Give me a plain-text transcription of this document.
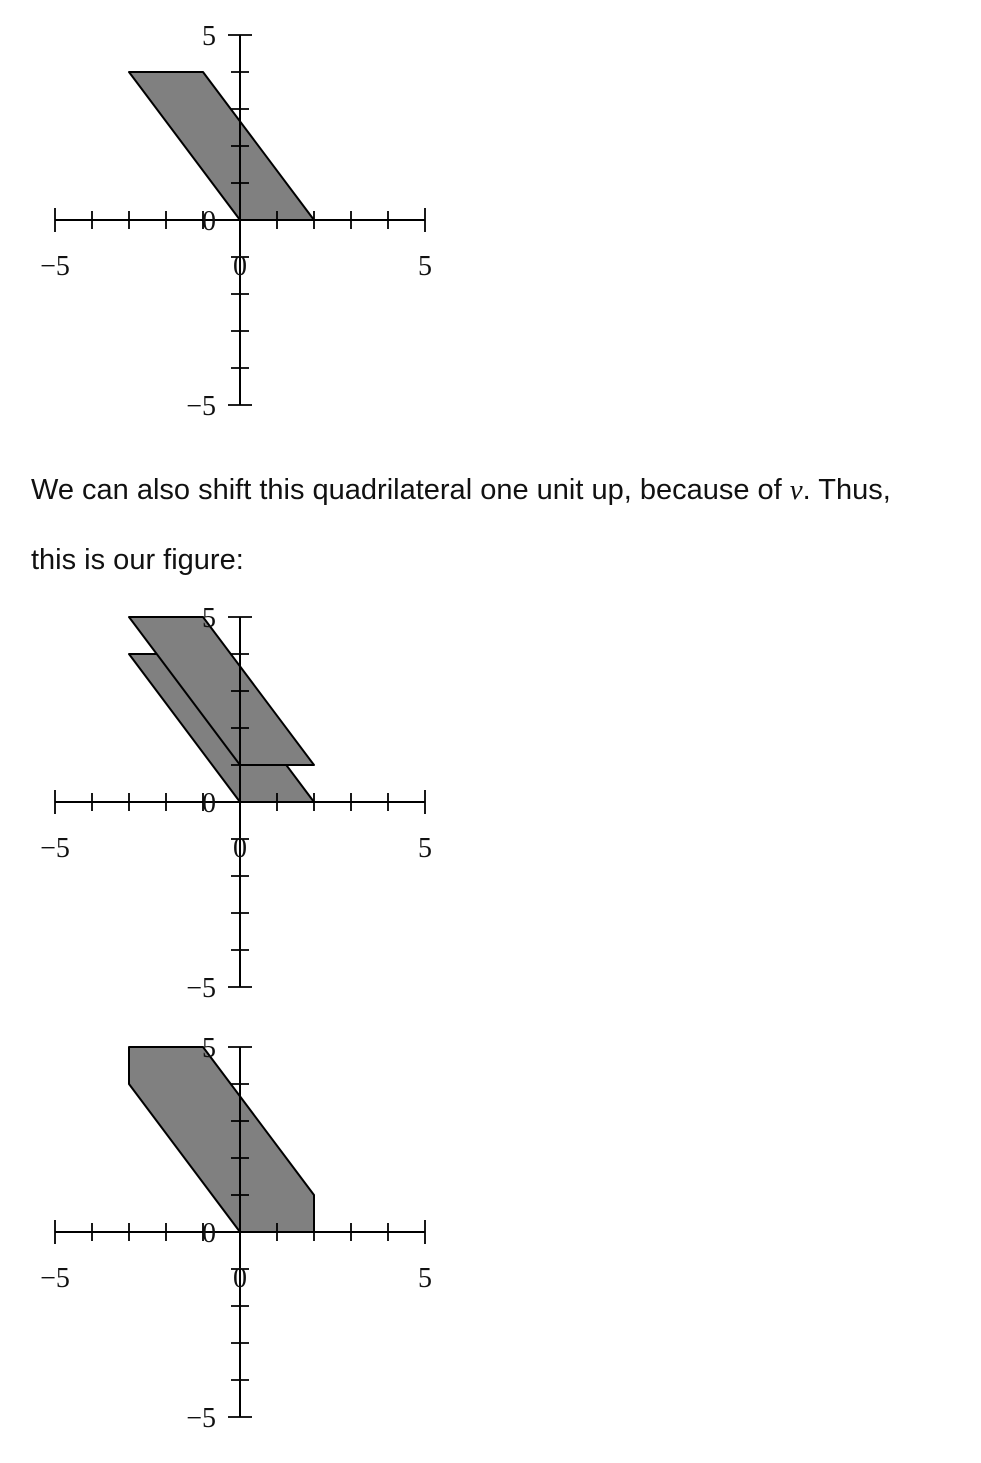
−5	0	5
5
0
−5
We can also shift this quadrilateral one unit up, because of v. Thus,
this is our figure:
−5	0	5
5
0
−5
−5	0	5
5
0
−5
